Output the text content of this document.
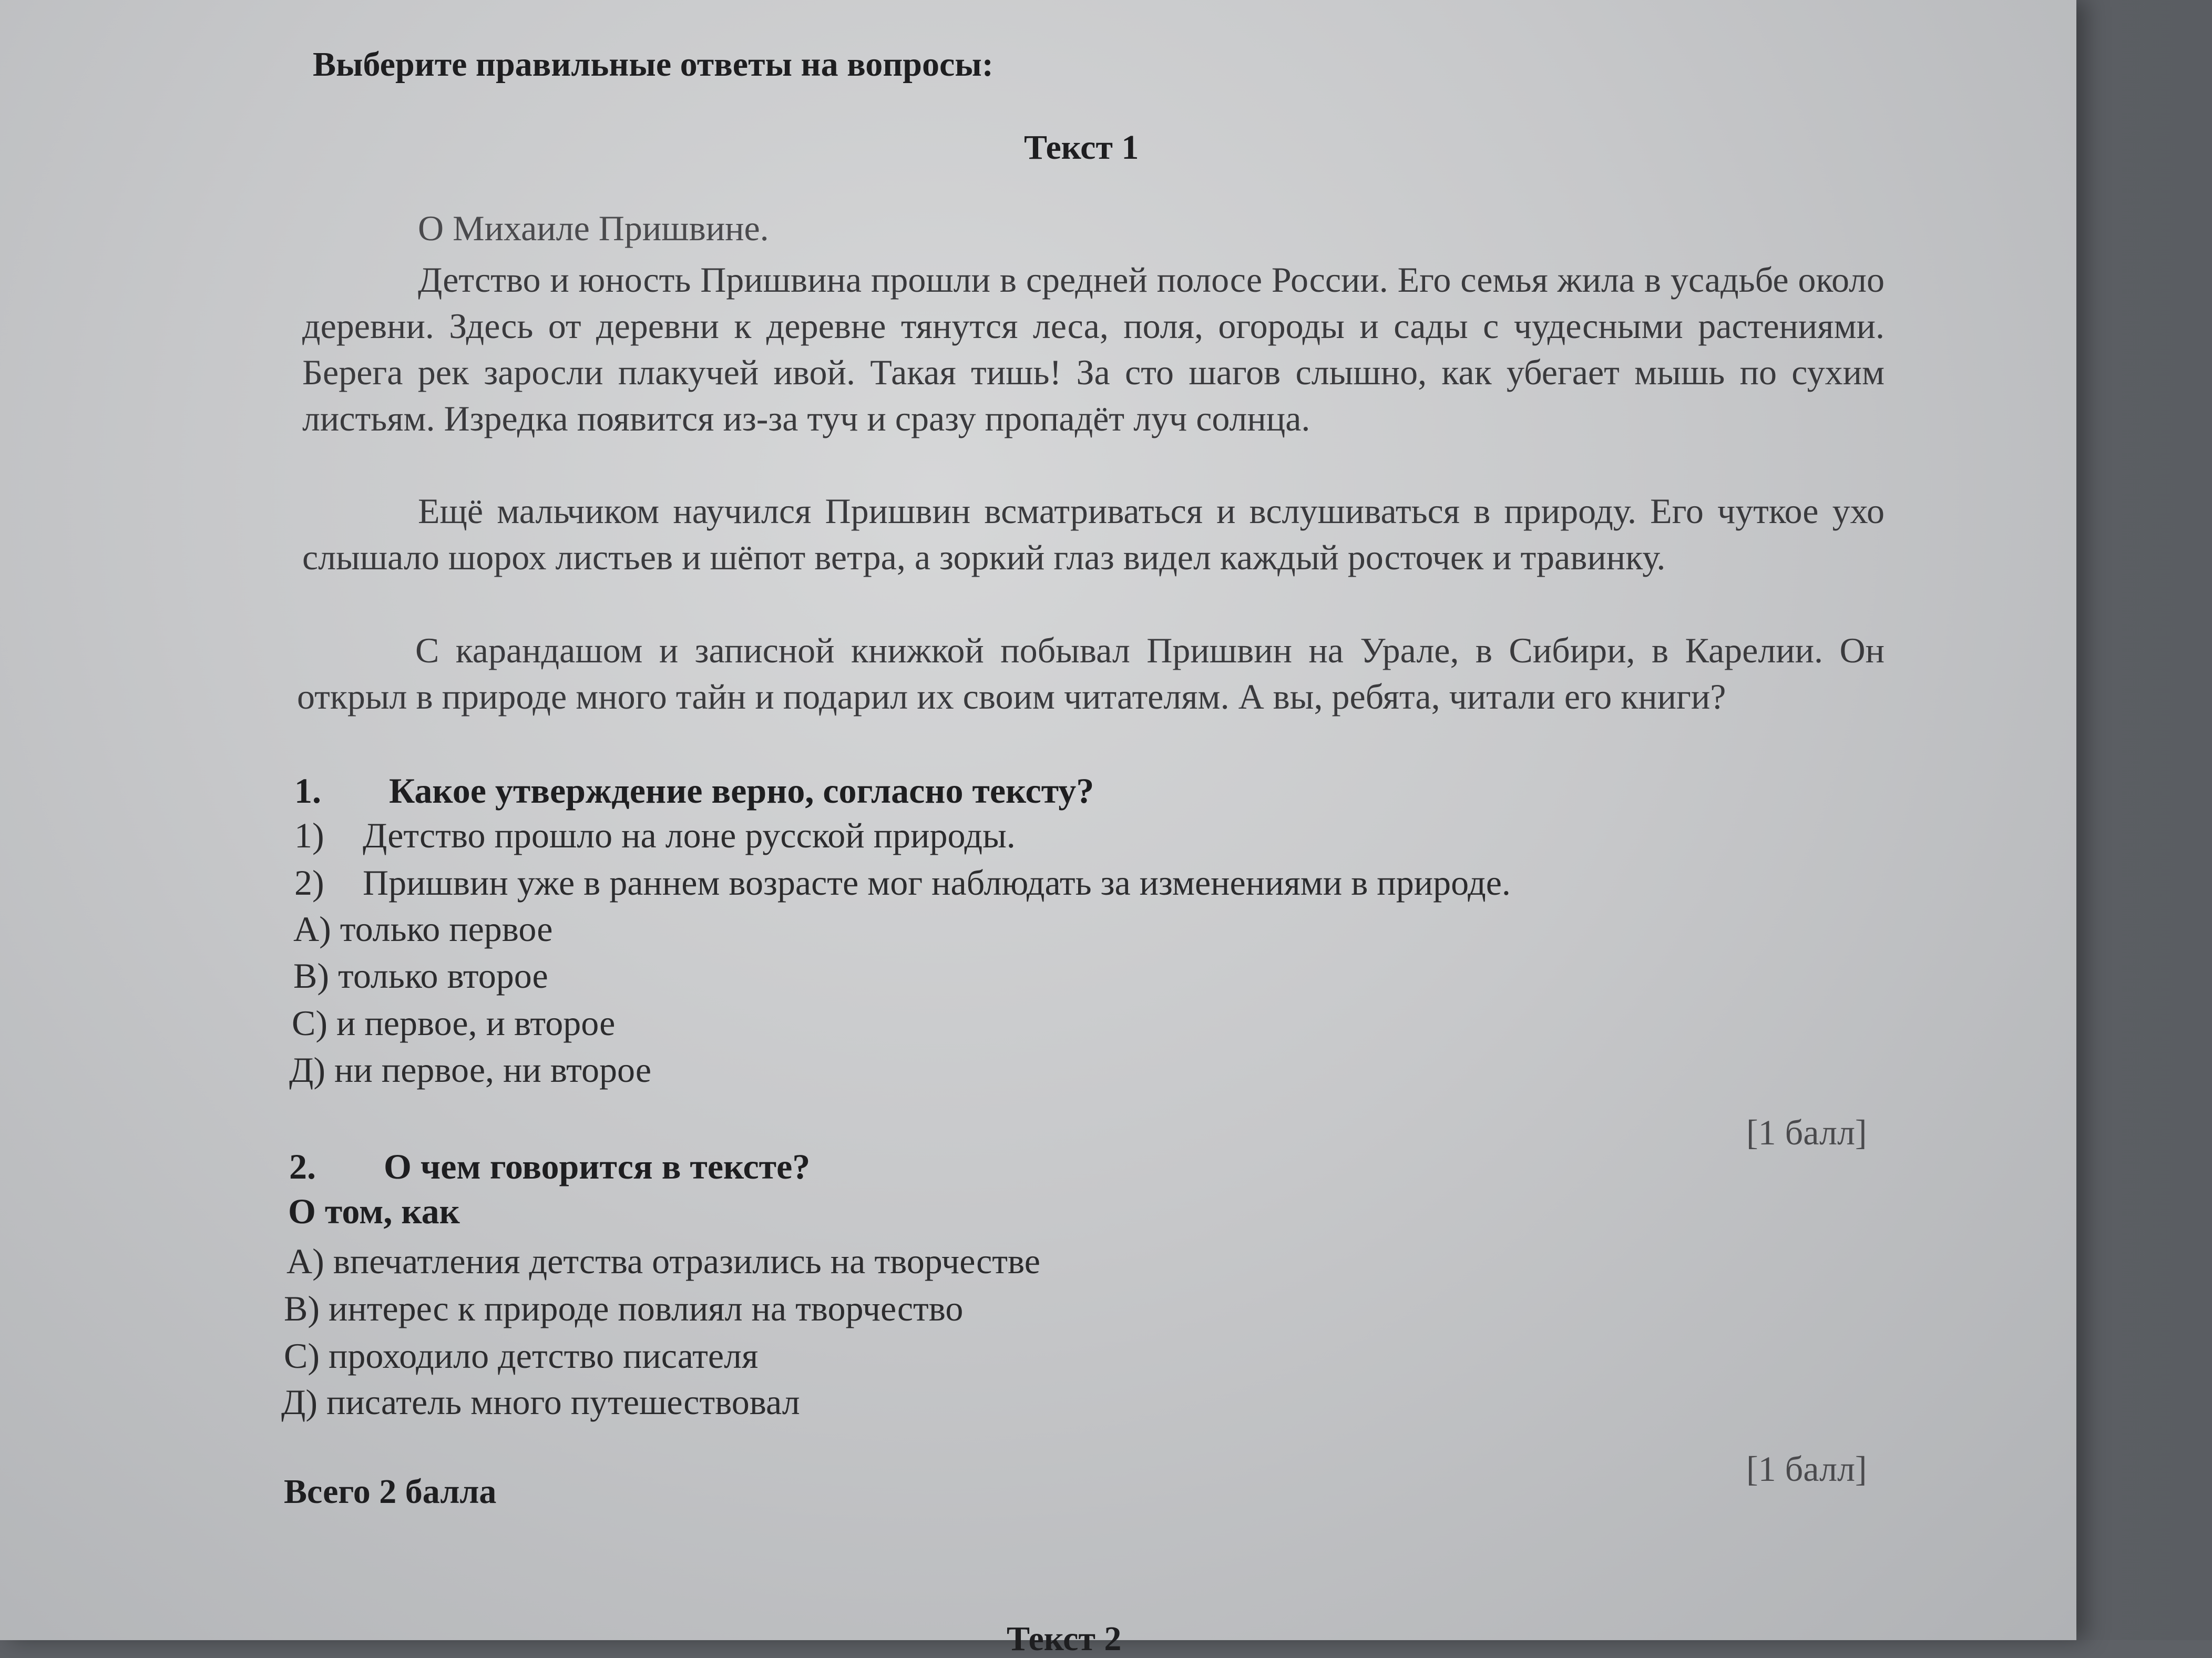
Выберите правильные ответы на вопросы:
Текст 1
О Михаиле Пришвине.
Детство и юность Пришвина прошли в средней полосе России. Его семья жила в усадьбе около деревни. Здесь от деревни к деревне тянутся леса, поля, огороды и сады с чудесными растениями. Берега рек заросли плакучей ивой. Такая тишь! За сто шагов слышно, как убегает мышь по сухим листьям. Изредка появится из-за туч и сразу пропадёт луч солнца.
Ещё мальчиком научился Пришвин всматриваться и вслушиваться в природу. Его чуткое ухо слышало шорох листьев и шёпот ветра, а зоркий глаз видел каждый росточек и травинку.
С карандашом и записной книжкой побывал Пришвин на Урале, в Сибири, в Карелии. Он открыл в природе много тайн и подарил их своим читателям. А вы, ребята, читали его книги?
1. Какое утверждение верно, согласно тексту?
1) Детство прошло на лоне русской природы.
2) Пришвин уже в раннем возрасте мог наблюдать за изменениями в природе.
A) только первое
B) только второе
C) и первое, и второе
Д) ни первое, ни второе
[1 балл]
2. О чем говорится в тексте?
О том, как
A) впечатления детства отразились на творчестве
B) интерес к природе повлиял на творчество
C) проходило детство писателя
Д) писатель много путешествовал
[1 балл]
Всего 2 балла
Текст 2
